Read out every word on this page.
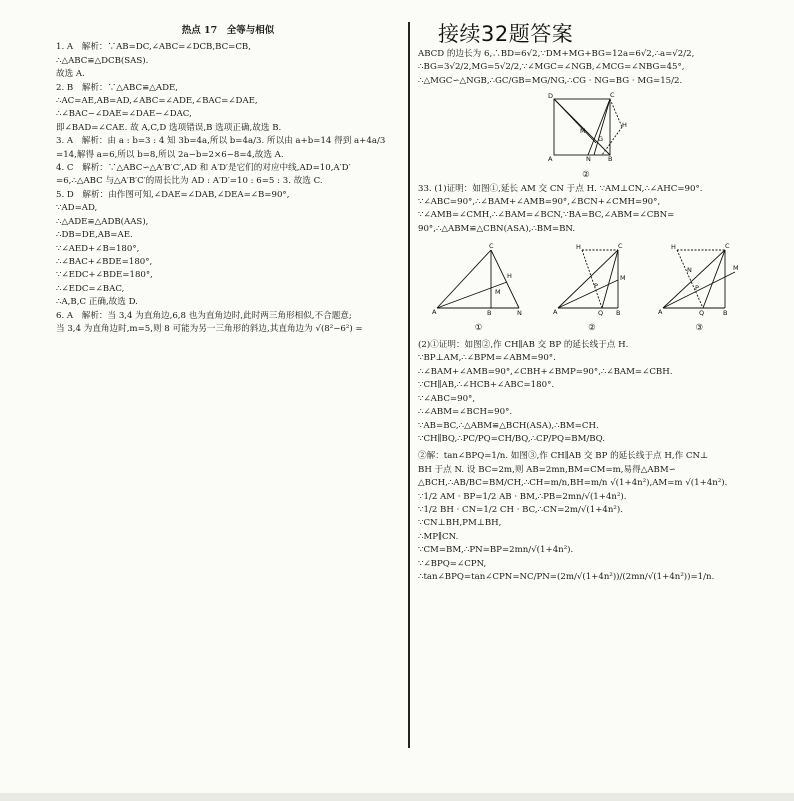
接续32题答案
热点 17　全等与相似
1. A　解析：∵AB=DC,∠ABC=∠DCB,BC=CB,
∴△ABC≌△DCB(SAS).
故选 A.
2. B　解析：∵△ABC≌△ADE,
∴AC=AE,AB=AD,∠ABC=∠ADE,∠BAC=∠DAE,
∴∠BAC−∠DAE=∠DAE−∠DAC,
即∠BAD=∠CAE. 故 A,C,D 选项错误,B 选项正确,故选 B.
3. A　解析：由 a : b=3 : 4 知 3b=4a,所以 b=4a/3. 所以由 a+b=14 得到 a+4a/3
=14,解得 a=6,所以 b=8,所以 2a−b=2×6−8=4,故选 A.
4. C　解析：∵△ABC∽△A′B′C′,AD 和 A′D′是它们的对应中线,AD=10,A′D′
=6,∴△ABC 与△A′B′C′的周长比为 AD : A′D′=10 : 6=5 : 3. 故选 C.
5. D　解析：由作图可知,∠DAE=∠DAB,∠DEA=∠B=90°,
∵AD=AD,
∴△ADE≌△ADB(AAS),
∴DB=DE,AB=AE.
∵∠AED+∠B=180°,
∴∠BAC+∠BDE=180°,
∵∠EDC+∠BDE=180°,
∴∠EDC=∠BAC,
∴A,B,C 正确,故选 D.
6. A　解析：当 3,4 为直角边,6,8 也为直角边时,此时两三角形相似,不合题意;
当 3,4 为直角边时,m=5,则 8 可能为另一三角形的斜边,其直角边为 √(8²−6²) =
ABCD 的边长为 6,∴BD=6√2,∵DM+MG+BG=12a=6√2,∴a=√2/2,
∴BG=3√2/2,MG=5√2/2,∵∠MGC=∠NGB,∠MCG=∠NBG=45°,
∴△MGC∽△NGB,∴GC/GB=MG/NG,∴CG · NG=BG · MG=15/2.
D	C
A	B
N
M
G
H
②
33. (1)证明：如图①,延长 AM 交 CN 于点 H. ∵AM⊥CN,∴∠AHC=90°.
∵∠ABC=90°,∴∠BAM+∠AMB=90°,∠BCN+∠CMH=90°,
∵∠AMB=∠CMH,∴∠BAM=∠BCN,∵BA=BC,∠ABM=∠CBN=
90°,∴△ABM≌△CBN(ASA),∴BM=BN.
C
A	B	N
H
M
①
H	C
A	Q B
M
P
②
H	C
A	Q	B
M
N
P
③
(2)①证明：如图②,作 CH∥AB 交 BP 的延长线于点 H.
∵BP⊥AM,∴∠BPM=∠ABM=90°.
∴∠BAM+∠AMB=90°,∠CBH+∠BMP=90°,∴∠BAM=∠CBH.
∵CH∥AB,∴∠HCB+∠ABC=180°.
∵∠ABC=90°,
∴∠ABM=∠BCH=90°.
∵AB=BC,∴△ABM≌△BCH(ASA),∴BM=CH.
∵CH∥BQ,∴PC/PQ=CH/BQ,∴CP/PQ=BM/BQ.
②解：tan∠BPQ=1/n. 如图③,作 CH∥AB 交 BP 的延长线于点 H,作 CN⊥
BH 于点 N. 设 BC=2m,则 AB=2mn,BM=CM=m,易得△ABM∽
△BCH,∴AB/BC=BM/CH,∴CH=m/n,BH=m/n √(1+4n²),AM=m √(1+4n²).
∵1/2 AM · BP=1/2 AB · BM,∴PB=2mn/√(1+4n²).
∵1/2 BH · CN=1/2 CH · BC,∴CN=2m/√(1+4n²).
∵CN⊥BH,PM⊥BH,
∴MP∥CN.
∵CM=BM,∴PN=BP=2mn/√(1+4n²).
∵∠BPQ=∠CPN,
∴tan∠BPQ=tan∠CPN=NC/PN=(2m/√(1+4n²))/(2mn/√(1+4n²))=1/n.
